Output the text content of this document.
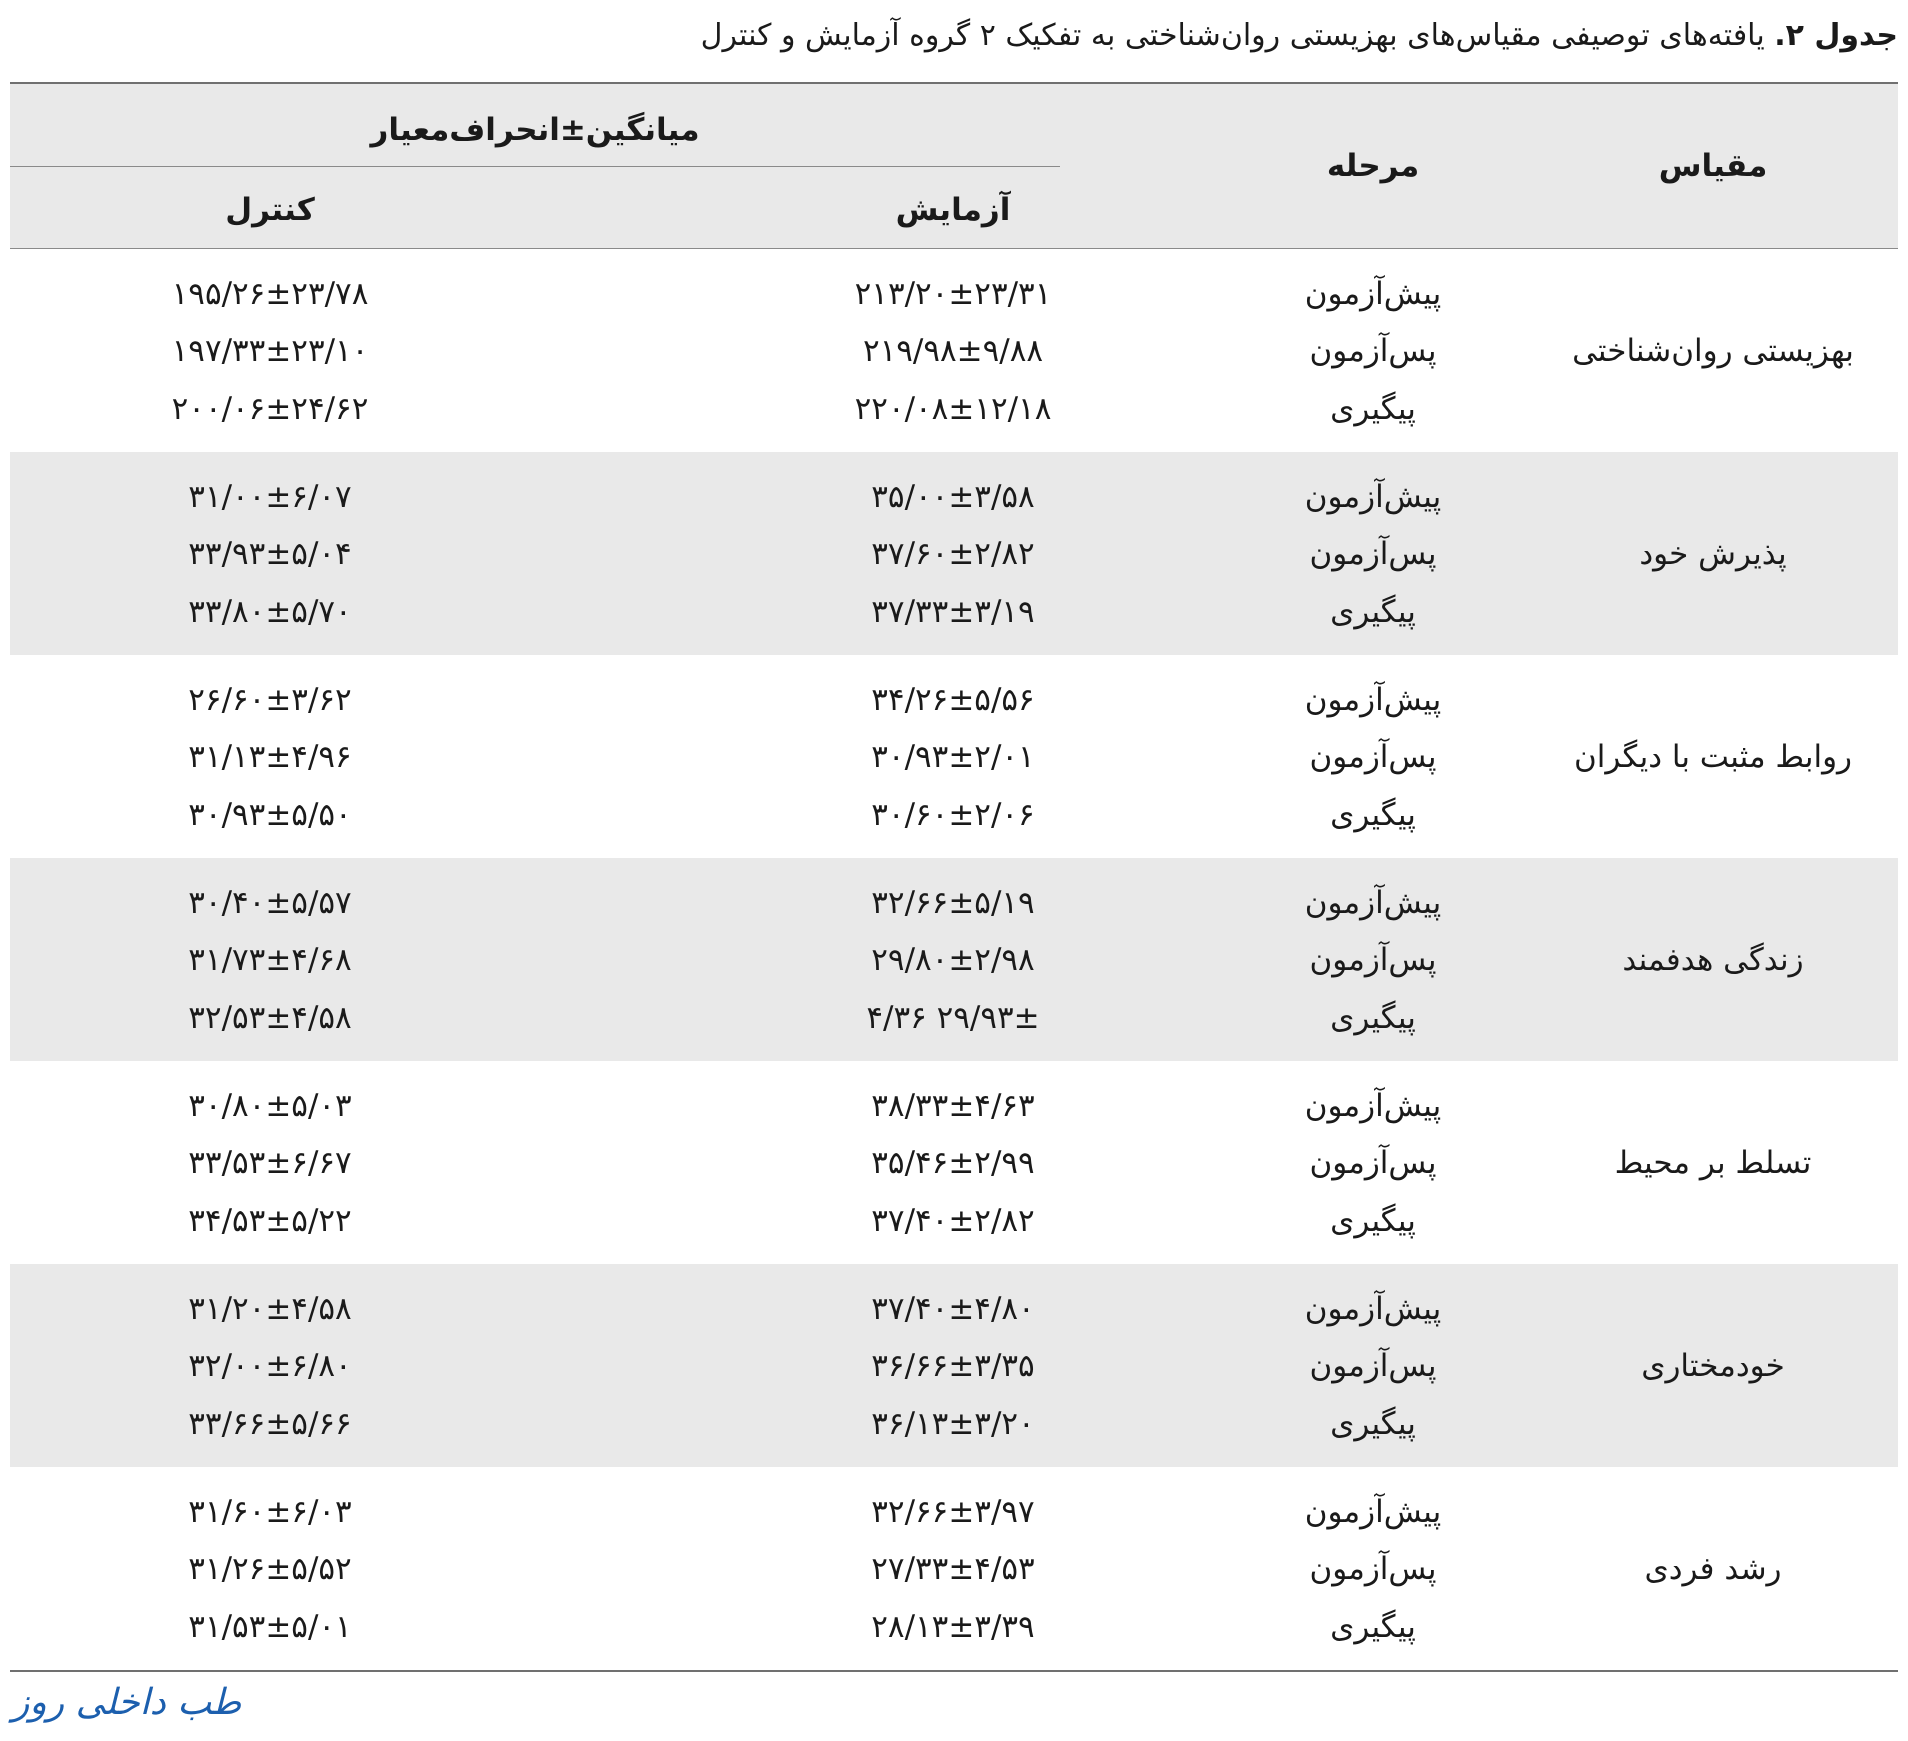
جدول ۲. یافته‌های توصیفی مقیاس‌های بهزیستی روان‌شناختی به تفکیک ۲ گروه آزمایش و کنترل
مقیاس
مرحله
میانگین±انحراف‌معیار
آزمایش
کنترل
بهزیستی روان‌شناختی
پیش‌آزمون
۲۱۳/۲۰±۲۳/۳۱
۱۹۵/۲۶±۲۳/۷۸
پس‌آزمون
۲۱۹/۹۸±۹/۸۸
۱۹۷/۳۳±۲۳/۱۰
پیگیری
۲۲۰/۰۸±۱۲/۱۸
۲۰۰/۰۶±۲۴/۶۲
پذیرش خود
پیش‌آزمون
۳۵/۰۰±۳/۵۸
۳۱/۰۰±۶/۰۷
پس‌آزمون
۳۷/۶۰±۲/۸۲
۳۳/۹۳±۵/۰۴
پیگیری
۳۷/۳۳±۳/۱۹
۳۳/۸۰±۵/۷۰
روابط مثبت با دیگران
پیش‌آزمون
۳۴/۲۶±۵/۵۶
۲۶/۶۰±۳/۶۲
پس‌آزمون
۳۰/۹۳±۲/۰۱
۳۱/۱۳±۴/۹۶
پیگیری
۳۰/۶۰±۲/۰۶
۳۰/۹۳±۵/۵۰
زندگی هدفمند
پیش‌آزمون
۳۲/۶۶±۵/۱۹
۳۰/۴۰±۵/۵۷
پس‌آزمون
۲۹/۸۰±۲/۹۸
۳۱/۷۳±۴/۶۸
پیگیری
۲۹/۹۳± ۴/۳۶
۳۲/۵۳±۴/۵۸
تسلط بر محیط
پیش‌آزمون
۳۸/۳۳±۴/۶۳
۳۰/۸۰±۵/۰۳
پس‌آزمون
۳۵/۴۶±۲/۹۹
۳۳/۵۳±۶/۶۷
پیگیری
۳۷/۴۰±۲/۸۲
۳۴/۵۳±۵/۲۲
خودمختاری
پیش‌آزمون
۳۷/۴۰±۴/۸۰
۳۱/۲۰±۴/۵۸
پس‌آزمون
۳۶/۶۶±۳/۳۵
۳۲/۰۰±۶/۸۰
پیگیری
۳۶/۱۳±۳/۲۰
۳۳/۶۶±۵/۶۶
رشد فردی
پیش‌آزمون
۳۲/۶۶±۳/۹۷
۳۱/۶۰±۶/۰۳
پس‌آزمون
۲۷/۳۳±۴/۵۳
۳۱/۲۶±۵/۵۲
پیگیری
۲۸/۱۳±۳/۳۹
۳۱/۵۳±۵/۰۱
طب داخلی روز
